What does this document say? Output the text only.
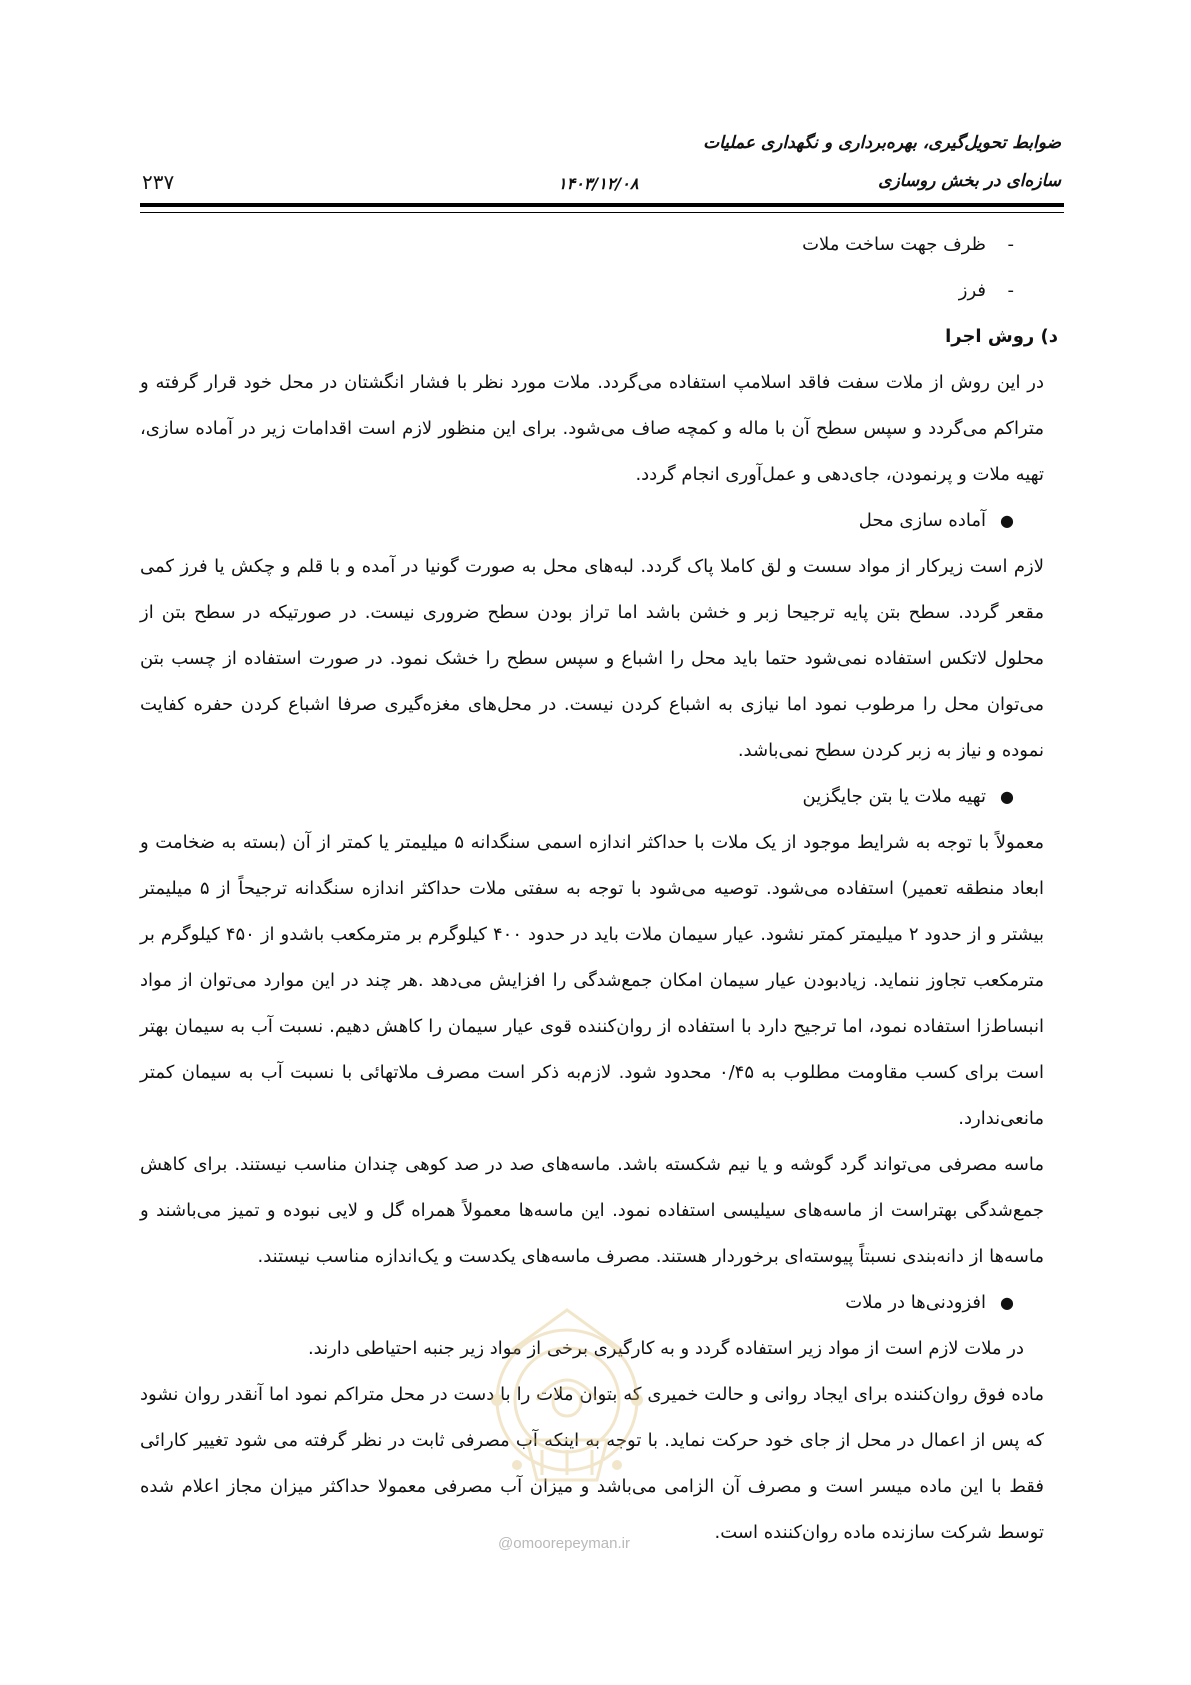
ضوابط تحویل‌گیری، بهره‌برداری و نگهداری عملیات
سازه‌ای در بخش روسازی
۱۴۰۳/۱۲/۰۸
۲۳۷

-ظرف جهت ساخت ملات

-فرز

د) روش اجرا

در این روش از ملات سفت فاقد اسلامپ استفاده می‌گردد. ملات مورد نظر با فشار انگشتان در محل خود قرار گرفته و متراکم می‌گردد و سپس سطح آن با ماله و کمچه صاف می‌شود. برای این منظور لازم است اقدامات زیر در آماده سازی، تهیه ملات و پرنمودن، جای‌دهی و عمل‌آوری انجام گردد.

●آماده سازی محل

لازم است زیرکار از مواد سست و لق کاملا پاک گردد. لبه‌های محل به صورت گونیا در آمده و با قلم و چکش یا فرز کمی مقعر گردد. سطح بتن پایه ترجیحا زبر و خشن باشد اما تراز بودن سطح ضروری نیست. در صورتیکه در سطح بتن از محلول لاتکس استفاده نمی‌شود حتما باید محل را اشباع و سپس سطح را خشک نمود. در صورت استفاده از چسب بتن می‌توان محل را مرطوب نمود اما نیازی به اشباع کردن نیست. در محل‌های مغزه‌گیری صرفا اشباع کردن حفره کفایت نموده و نیاز به زبر کردن سطح نمی‌باشد.

●تهیه ملات یا بتن جایگزین

معمولاً با توجه به شرایط موجود از یک ملات با حداکثر اندازه اسمی سنگدانه ۵ میلیمتر یا کمتر از آن (بسته به ضخامت و ابعاد منطقه تعمیر) استفاده می‌شود. توصیه می‌شود با توجه به سفتی ملات حداکثر اندازه سنگدانه ترجیحاً از ۵ میلیمتر بیشتر و از حدود ۲ میلیمتر کمتر نشود. عیار سیمان ملات باید در حدود ۴۰۰ کیلوگرم بر مترمکعب باشدو از ۴۵۰ کیلوگرم بر مترمکعب تجاوز ننماید. زیادبودن عیار سیمان امکان جمع‌شدگی را افزایش می‌دهد .هر چند در این موارد می‌توان از مواد انبساط‌زا استفاده نمود، اما ترجیح دارد با استفاده از روان‌کننده قوی عیار سیمان را کاهش دهیم. نسبت آب به سیمان بهتر است برای کسب مقاومت مطلوب به ۰/۴۵ محدود شود. لازم‌به ذکر است مصرف ملاتهائی با نسبت آب به سیمان کمتر مانعی‌ندارد.

ماسه مصرفی می‌تواند گرد گوشه و یا نیم شکسته باشد. ماسه‌های صد در صد کوهی چندان مناسب نیستند. برای کاهش جمع‌شدگی بهتراست از ماسه‌های سیلیسی استفاده نمود. این ماسه‌ها معمولاً همراه گل و لایی نبوده و تمیز می‌باشند و ماسه‌ها از دانه‌بندی نسبتاً پیوسته‌ای برخوردار هستند. مصرف ماسه‌های یکدست و یک‌اندازه مناسب نیستند.

●افزودنی‌ها در ملات

در ملات لازم است از مواد زیر استفاده گردد و به کارگیری برخی از مواد زیر جنبه احتیاطی دارند.

ماده فوق روان‌کننده برای ایجاد روانی و حالت خمیری که بتوان ملات را با دست در محل متراکم نمود اما آنقدر روان نشود که پس از اعمال در محل از جای خود حرکت نماید. با توجه به اینکه آب مصرفی ثابت در نظر گرفته می شود تغییر کارائی فقط با این ماده میسر است و مصرف آن الزامی می‌باشد و میزان آب مصرفی معمولا حداکثر میزان مجاز اعلام شده توسط شرکت سازنده ماده روان‌کننده است.

@omoorepeyman.ir
